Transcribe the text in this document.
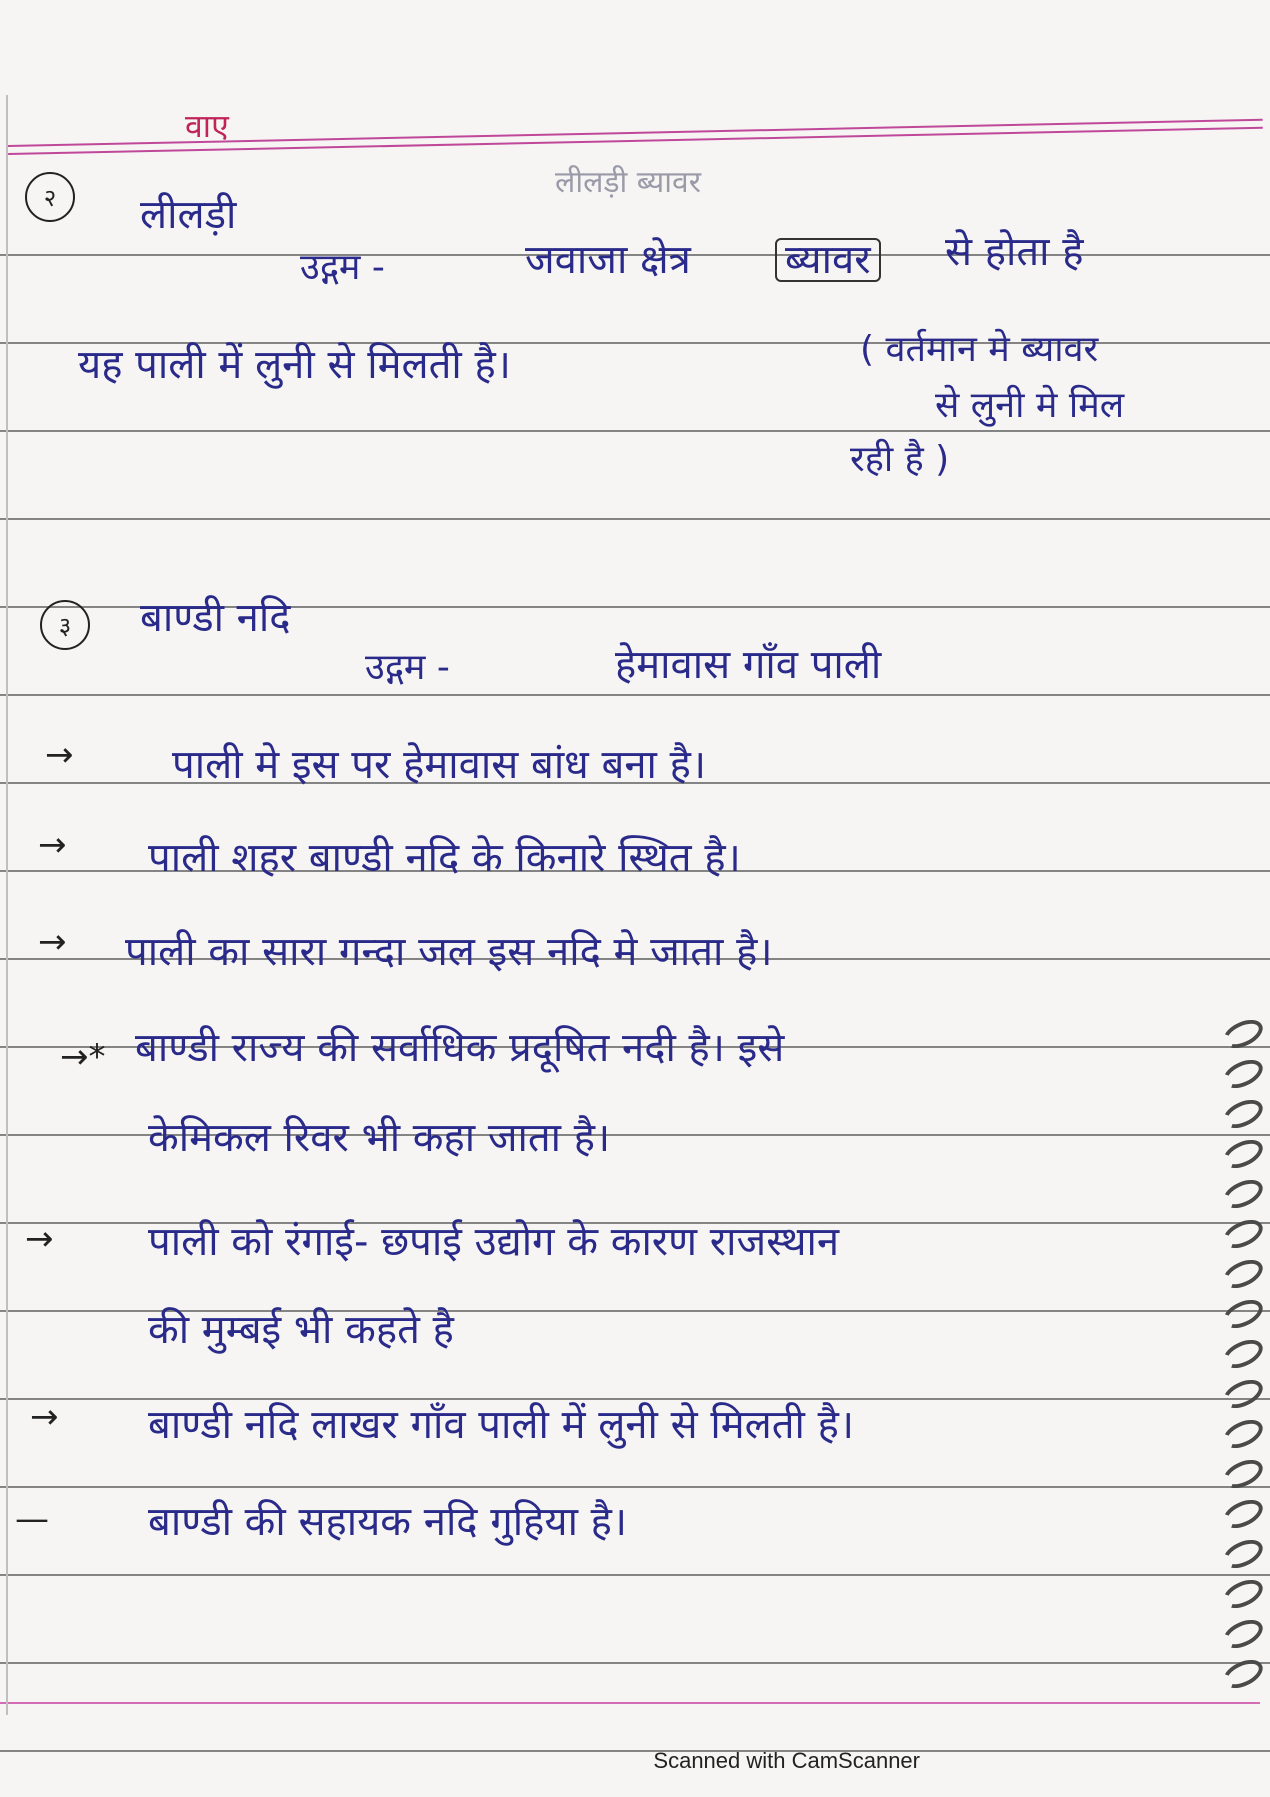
वाए
२	लीलड़ी
लीलड़ी ब्यावर
उद्गम -	जवाजा क्षेत्र ब्यावर से होता है
यह पाली में लुनी से मिलती है।	( वर्तमान मे ब्यावर
से लुनी मे मिल
रही है )
३	बाण्डी नदि
उद्गम -	हेमावास गाँव पाली
→ पाली मे इस पर हेमावास बांध बना है।
→ पाली शहर बाण्डी नदि के किनारे स्थित है।
→ पाली का सारा गन्दा जल इस नदि मे जाता है।
→* बाण्डी राज्य की सर्वाधिक प्रदूषित नदी है। इसे
केमिकल रिवर भी कहा जाता है।
→ पाली को रंगाई- छपाई उद्योग के कारण राजस्थान
की मुम्बई भी कहते है
→ बाण्डी नदि लाखर गाँव पाली में लुनी से मिलती है।
— बाण्डी की सहायक नदि गुहिया है।
Scanned with CamScanner
